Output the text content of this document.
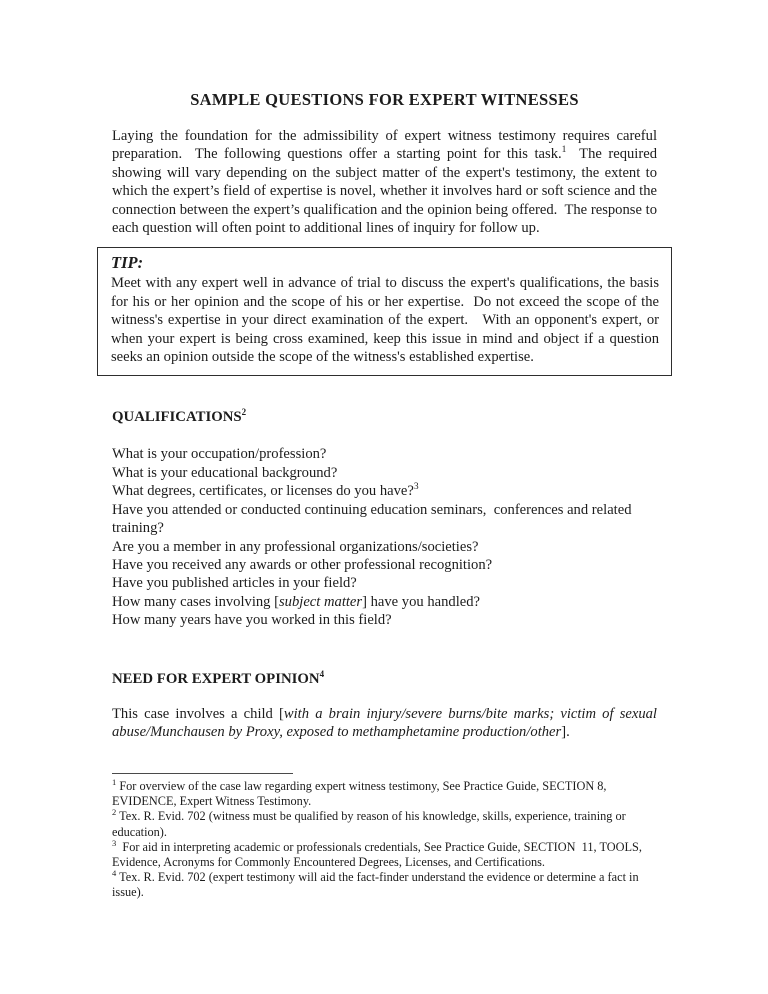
SAMPLE QUESTIONS FOR EXPERT WITNESSES

Laying the foundation for the admissibility of expert witness testimony requires careful preparation.  The following questions offer a starting point for this task.$^1$  The required showing will vary depending on the subject matter of the expert's testimony, the extent to which the expert’s field of expertise is novel, whether it involves hard or soft science and the connection between the expert’s qualification and the opinion being offered.  The response to each question will often point to additional lines of inquiry for follow up.

TIP:

Meet with any expert well in advance of trial to discuss the expert's qualifications, the basis for his or her opinion and the scope of his or her expertise.  Do not exceed the scope of the witness's expertise in your direct examination of the expert.   With an opponent's expert, or when your expert is being cross examined, keep this issue in mind and object if a question seeks an opinion outside the scope of the witness's established expertise.

QUALIFICATIONS$^2$

What is your occupation/profession?

What is your educational background?

What degrees, certificates, or licenses do you have?$^3$

Have you attended or conducted continuing education seminars,  conferences and related training?

Are you a member in any professional organizations/societies?

Have you received any awards or other professional recognition?

Have you published articles in your field?

How many cases involving [subject matter] have you handled?

How many years have you worked in this field?

NEED FOR EXPERT OPINION$^4$

This case involves a child [with a brain injury/severe burns/bite marks; victim of sexual abuse/Munchausen by Proxy, exposed to methamphetamine production/other].

$^1$ For overview of the case law regarding expert witness testimony, See Practice Guide, SECTION 8, EVIDENCE, Expert Witness Testimony.

$^2$ Tex. R. Evid. 702 (witness must be qualified by reason of his knowledge, skills, experience, training or education).

$^3$  For aid in interpreting academic or professionals credentials, See Practice Guide, SECTION  11, TOOLS, Evidence, Acronyms for Commonly Encountered Degrees, Licenses, and Certifications.

$^4$ Tex. R. Evid. 702 (expert testimony will aid the fact-finder understand the evidence or determine a fact in issue).
